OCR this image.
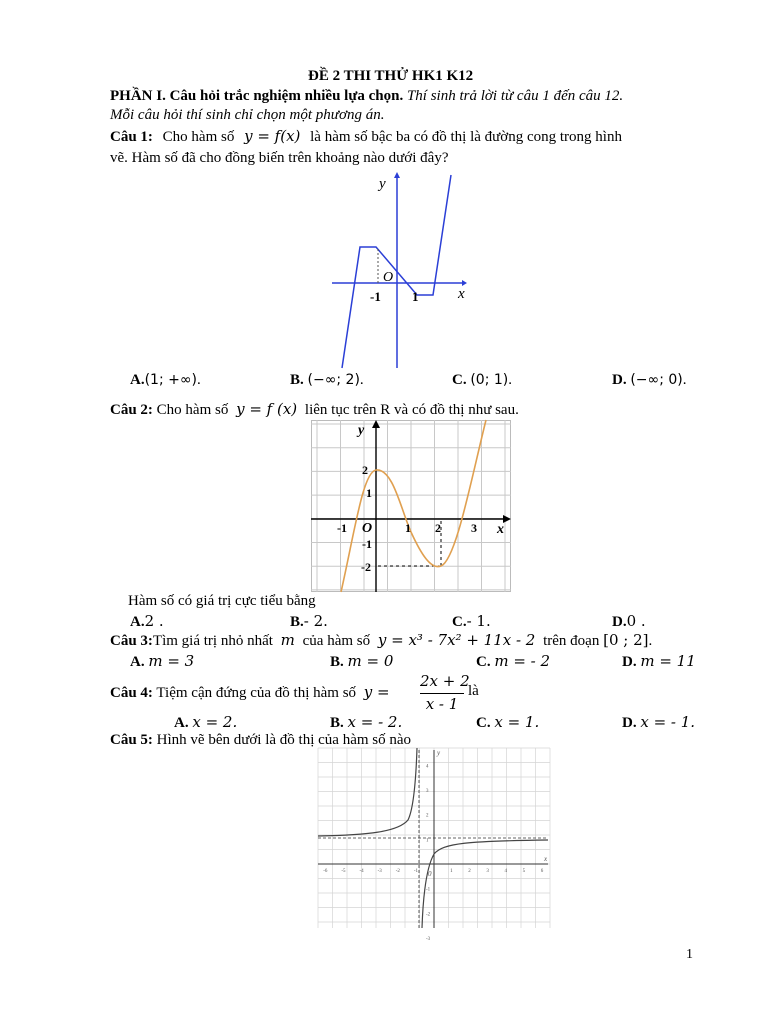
ĐỀ 2 THI THỬ HK1 K12
PHẦN I. Câu hỏi trắc nghiệm nhiều lựa chọn. Thí sinh trả lời từ câu 1 đến câu 12.
Mỗi câu hỏi thí sinh chỉ chọn một phương án.
Câu 1: Cho hàm số y = f(x) là hàm số bậc ba có đồ thị là đường cong trong hình
vẽ. Hàm số đã cho đồng biến trên khoảng nào dưới đây?
y
O
x
-1 1
A.(1; +∞).	B. (−∞; 2).	C. (0; 1).	D. (−∞; 0).
Câu 2: Cho hàm số y = f (x) liên tục trên R và có đồ thị như sau.
y
x
O
-1	1 2	3
2
1
-1
-2
Hàm số có giá trị cực tiểu bằng
A.2 .	B.- 2.	C.- 1.	D.0 .
Câu 3:Tìm giá trị nhỏ nhất m của hàm số y = x³ - 7x² + 11x - 2 trên đoạn [0 ; 2].
A. m = 3	B. m = 0	C. m = - 2	D. m = 11
Câu 4: Tiệm cận đứng của đồ thị hàm số y =
2x + 2
x - 1
là
A. x = 2.	B. x = - 2.	C. x = 1.	D. x = - 1.
Câu 5: Hình vẽ bên dưới là đồ thị của hàm số nào
-6	-5	-4	-3	-2	-1	1	2	3	4	5	6
4
3
2
1
-1
-2
-3
y
x
0
1
